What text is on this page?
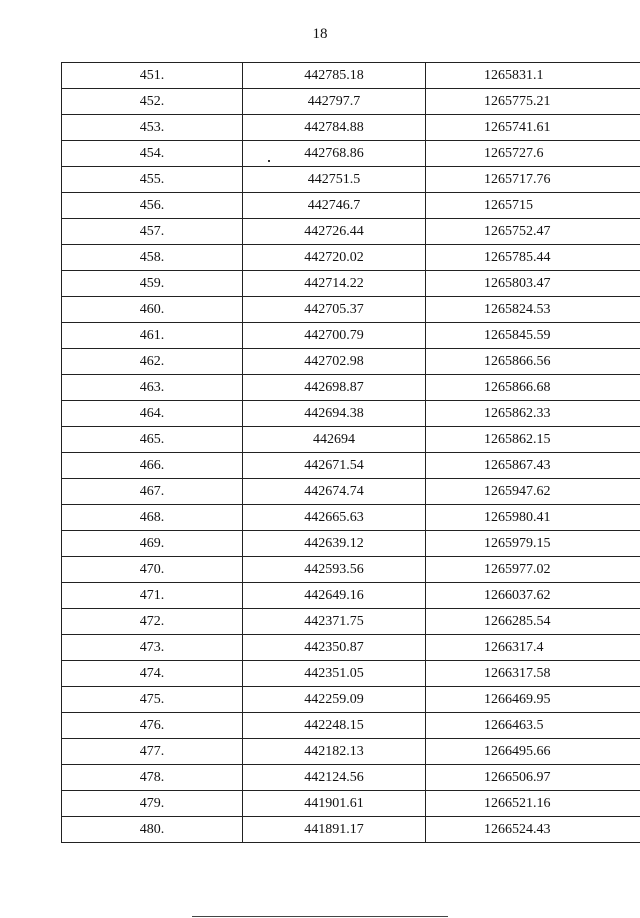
18
451.	442785.18	1265831.1
452.	442797.7	1265775.21
453.	442784.88	1265741.61
454.	442768.86	1265727.6
455.	442751.5	1265717.76
456.	442746.7	1265715
457.	442726.44	1265752.47
458.	442720.02	1265785.44
459.	442714.22	1265803.47
460.	442705.37	1265824.53
461.	442700.79	1265845.59
462.	442702.98	1265866.56
463.	442698.87	1265866.68
464.	442694.38	1265862.33
465.	442694	1265862.15
466.	442671.54	1265867.43
467.	442674.74	1265947.62
468.	442665.63	1265980.41
469.	442639.12	1265979.15
470.	442593.56	1265977.02
471.	442649.16	1266037.62
472.	442371.75	1266285.54
473.	442350.87	1266317.4
474.	442351.05	1266317.58
475.	442259.09	1266469.95
476.	442248.15	1266463.5
477.	442182.13	1266495.66
478.	442124.56	1266506.97
479.	441901.61	1266521.16
480.	441891.17	1266524.43
